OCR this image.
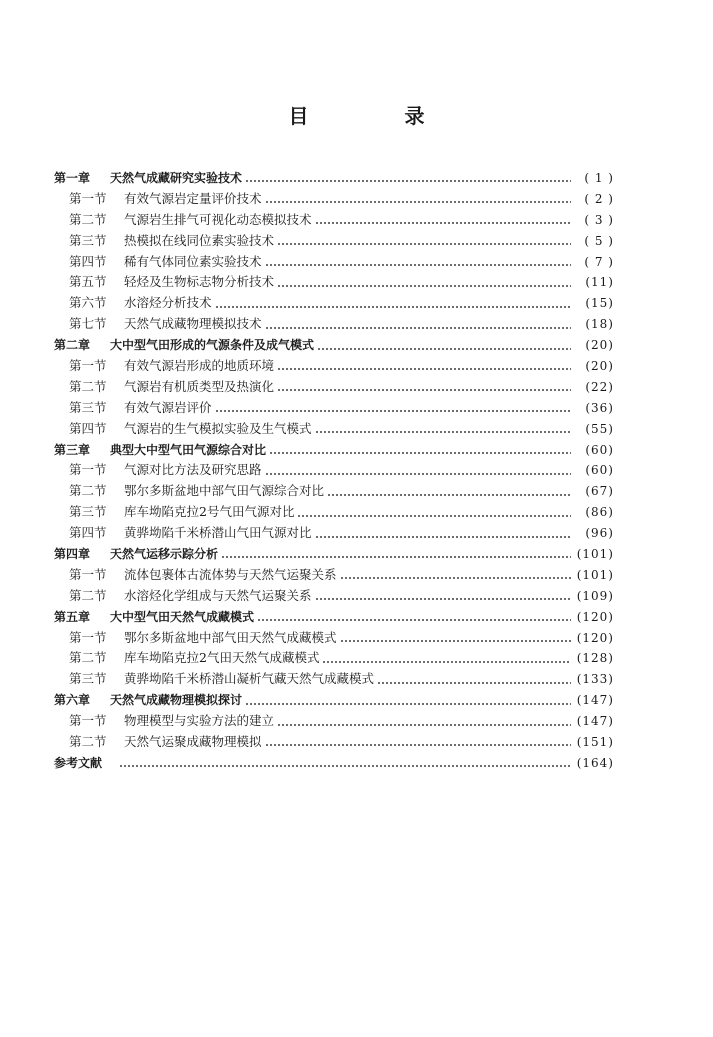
目　录
第一章	天然气成藏研究实验技术	( 1 )
第一节	有效气源岩定量评价技术	( 2 )
第二节	气源岩生排气可视化动态模拟技术	( 3 )
第三节	热模拟在线同位素实验技术	( 5 )
第四节	稀有气体同位素实验技术	( 7 )
第五节	轻烃及生物标志物分析技术	(11)
第六节	水溶烃分析技术	(15)
第七节	天然气成藏物理模拟技术	(18)
第二章	大中型气田形成的气源条件及成气模式	(20)
第一节	有效气源岩形成的地质环境	(20)
第二节	气源岩有机质类型及热演化	(22)
第三节	有效气源岩评价	(36)
第四节	气源岩的生气模拟实验及生气模式	(55)
第三章	典型大中型气田气源综合对比	(60)
第一节	气源对比方法及研究思路	(60)
第二节	鄂尔多斯盆地中部气田气源综合对比	(67)
第三节	库车坳陷克拉2号气田气源对比	(86)
第四节	黄骅坳陷千米桥潜山气田气源对比	(96)
第四章	天然气运移示踪分析	(101)
第一节	流体包裹体古流体势与天然气运聚关系	(101)
第二节	水溶烃化学组成与天然气运聚关系	(109)
第五章	大中型气田天然气成藏模式	(120)
第一节	鄂尔多斯盆地中部气田天然气成藏模式	(120)
第二节	库车坳陷克拉2气田天然气成藏模式	(128)
第三节	黄骅坳陷千米桥潜山凝析气藏天然气成藏模式	(133)
第六章	天然气成藏物理模拟探讨	(147)
第一节	物理模型与实验方法的建立	(147)
第二节	天然气运聚成藏物理模拟	(151)
参考文献	(164)
